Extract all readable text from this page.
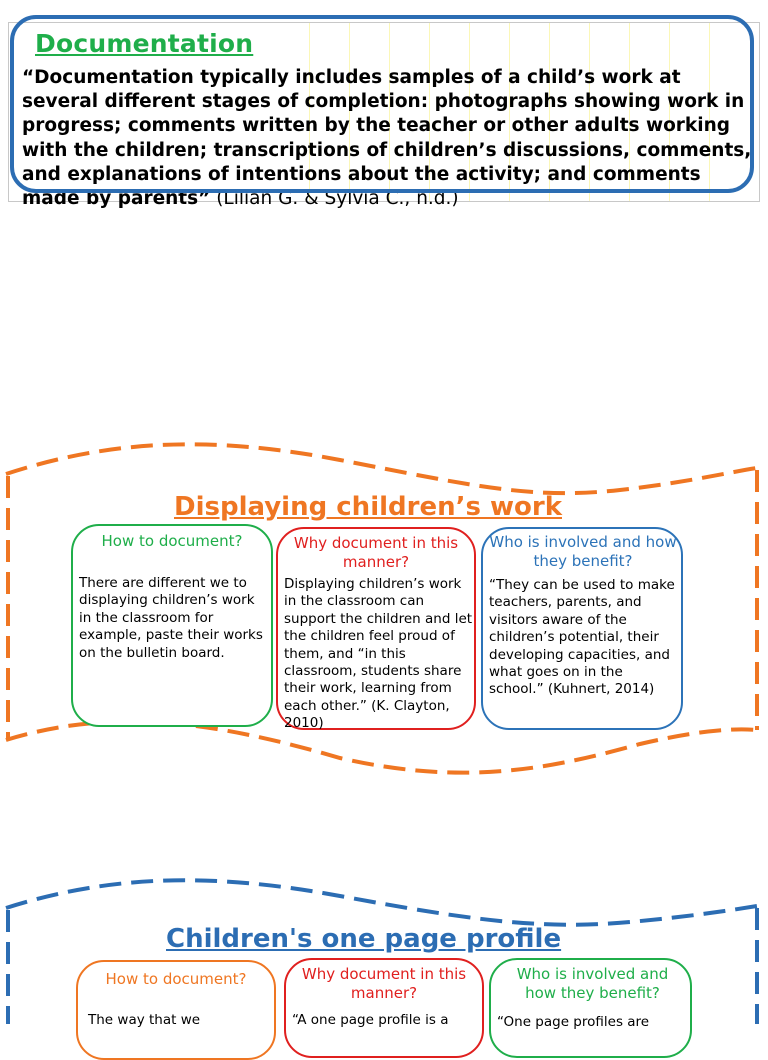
Documentation
“Documentation typically includes samples of a child’s work at several different stages of completion: photographs showing work in progress; comments written by the teacher or other adults working with the children; transcriptions of children’s discussions, comments, and explanations of intentions about the activity; and comments made by parents” (Lilian G. & Sylvia C., n.d.)
Displaying children’s work
How to document?
There are different we to displaying children’s work in the classroom for example, paste their works on the bulletin board.
Why document in this manner?
Displaying children’s work in the classroom can support the children and let the children feel proud of them, and “in this classroom, students share their work, learning from each other.” (K. Clayton, 2010)
Who is involved and how they benefit?
“They can be used to make teachers, parents, and visitors aware of the children’s potential, their developing capacities, and what goes on in the school.” (Kuhnert, 2014)
Children's one page profile
How to document?
The way that we
Why document in this manner?
“A one page profile is a
Who is involved and how they benefit?
“One page profiles are
